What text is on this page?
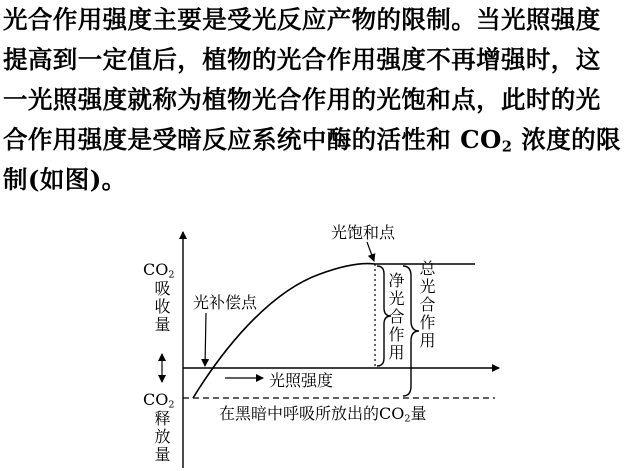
光合作用强度主要是受光反应产物的限制。当光照强度
提高到一定值后，植物的光合作用强度不再增强时，这
一光照强度就称为植物光合作用的光饱和点，此时的光
合作用强度是受暗反应系统中酶的活性和 $CO_2$ 浓度的限
制(如图)。
$CO_2$
吸收量
$CO_2$
释放量
光饱和点
光补偿点
光照强度
净光合作用 总光合作用
在黑暗中呼吸所放出的$CO_2$量
